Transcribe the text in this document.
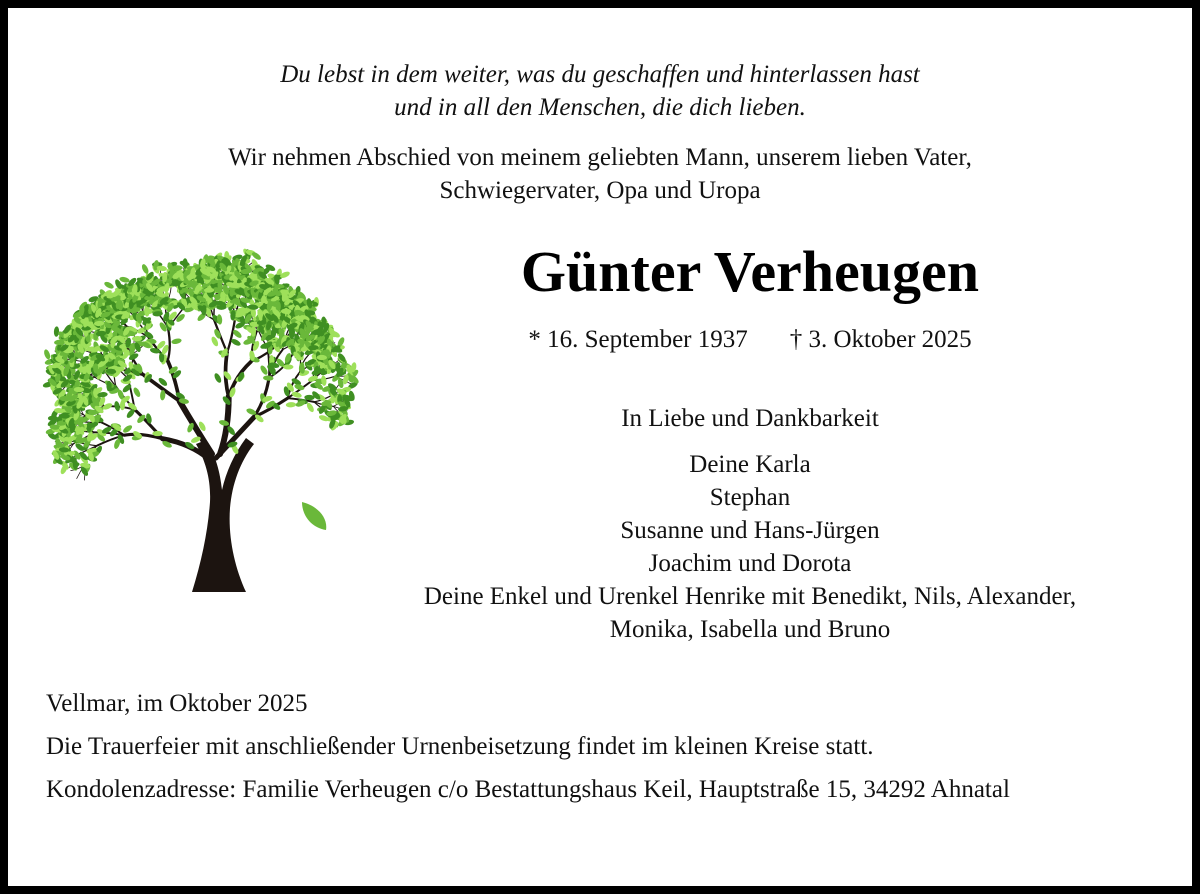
Du lebst in dem weiter, was du geschaffen und hinterlassen hast
und in all den Menschen, die dich lieben.
Wir nehmen Abschied von meinem geliebten Mann, unserem lieben Vater,
Schwiegervater, Opa und Uropa
Günter Verheugen
* 16. September 1937 † 3. Oktober 2025
In Liebe und Dankbarkeit
Deine Karla
Stephan
Susanne und Hans-Jürgen
Joachim und Dorota
Deine Enkel und Urenkel Henrike mit Benedikt, Nils, Alexander,
Monika, Isabella und Bruno
Vellmar, im Oktober 2025
Die Trauerfeier mit anschließender Urnenbeisetzung findet im kleinen Kreise statt.
Kondolenzadresse: Familie Verheugen c/o Bestattungshaus Keil, Hauptstraße 15, 34292 Ahnatal
